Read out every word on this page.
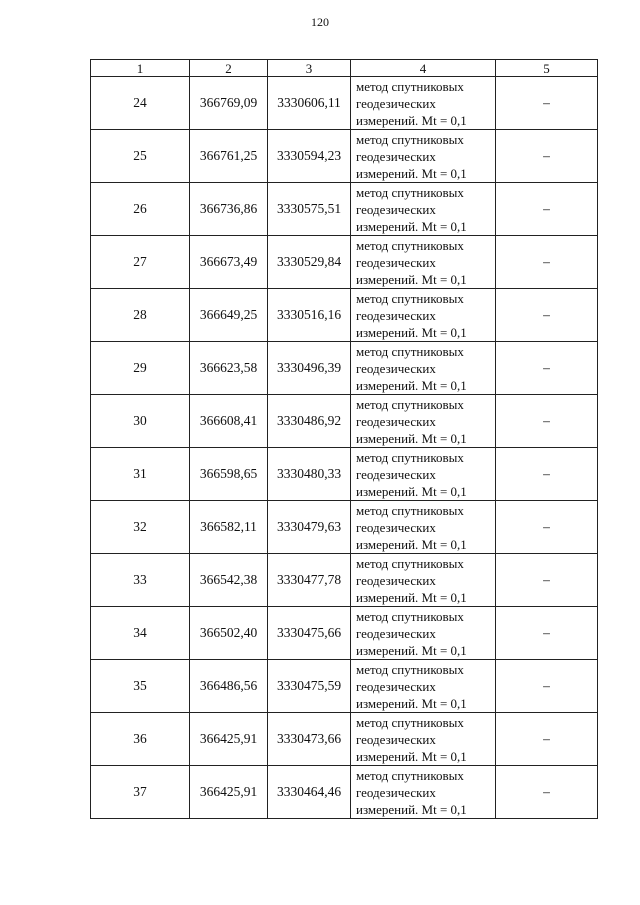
120
1	2	3	4	5
24	366769,09	3330606,11	метод спутниковых
геодезических
измерений. Mt = 0,1	–
25	366761,25	3330594,23	метод спутниковых
геодезических
измерений. Mt = 0,1	–
26	366736,86	3330575,51	метод спутниковых
геодезических
измерений. Mt = 0,1	–
27	366673,49	3330529,84	метод спутниковых
геодезических
измерений. Mt = 0,1	–
28	366649,25	3330516,16	метод спутниковых
геодезических
измерений. Mt = 0,1	–
29	366623,58	3330496,39	метод спутниковых
геодезических
измерений. Mt = 0,1	–
30	366608,41	3330486,92	метод спутниковых
геодезических
измерений. Mt = 0,1	–
31	366598,65	3330480,33	метод спутниковых
геодезических
измерений. Mt = 0,1	–
32	366582,11	3330479,63	метод спутниковых
геодезических
измерений. Mt = 0,1	–
33	366542,38	3330477,78	метод спутниковых
геодезических
измерений. Mt = 0,1	–
34	366502,40	3330475,66	метод спутниковых
геодезических
измерений. Mt = 0,1	–
35	366486,56	3330475,59	метод спутниковых
геодезических
измерений. Mt = 0,1	–
36	366425,91	3330473,66	метод спутниковых
геодезических
измерений. Mt = 0,1	–
37	366425,91	3330464,46	метод спутниковых
геодезических
измерений. Mt = 0,1	–
